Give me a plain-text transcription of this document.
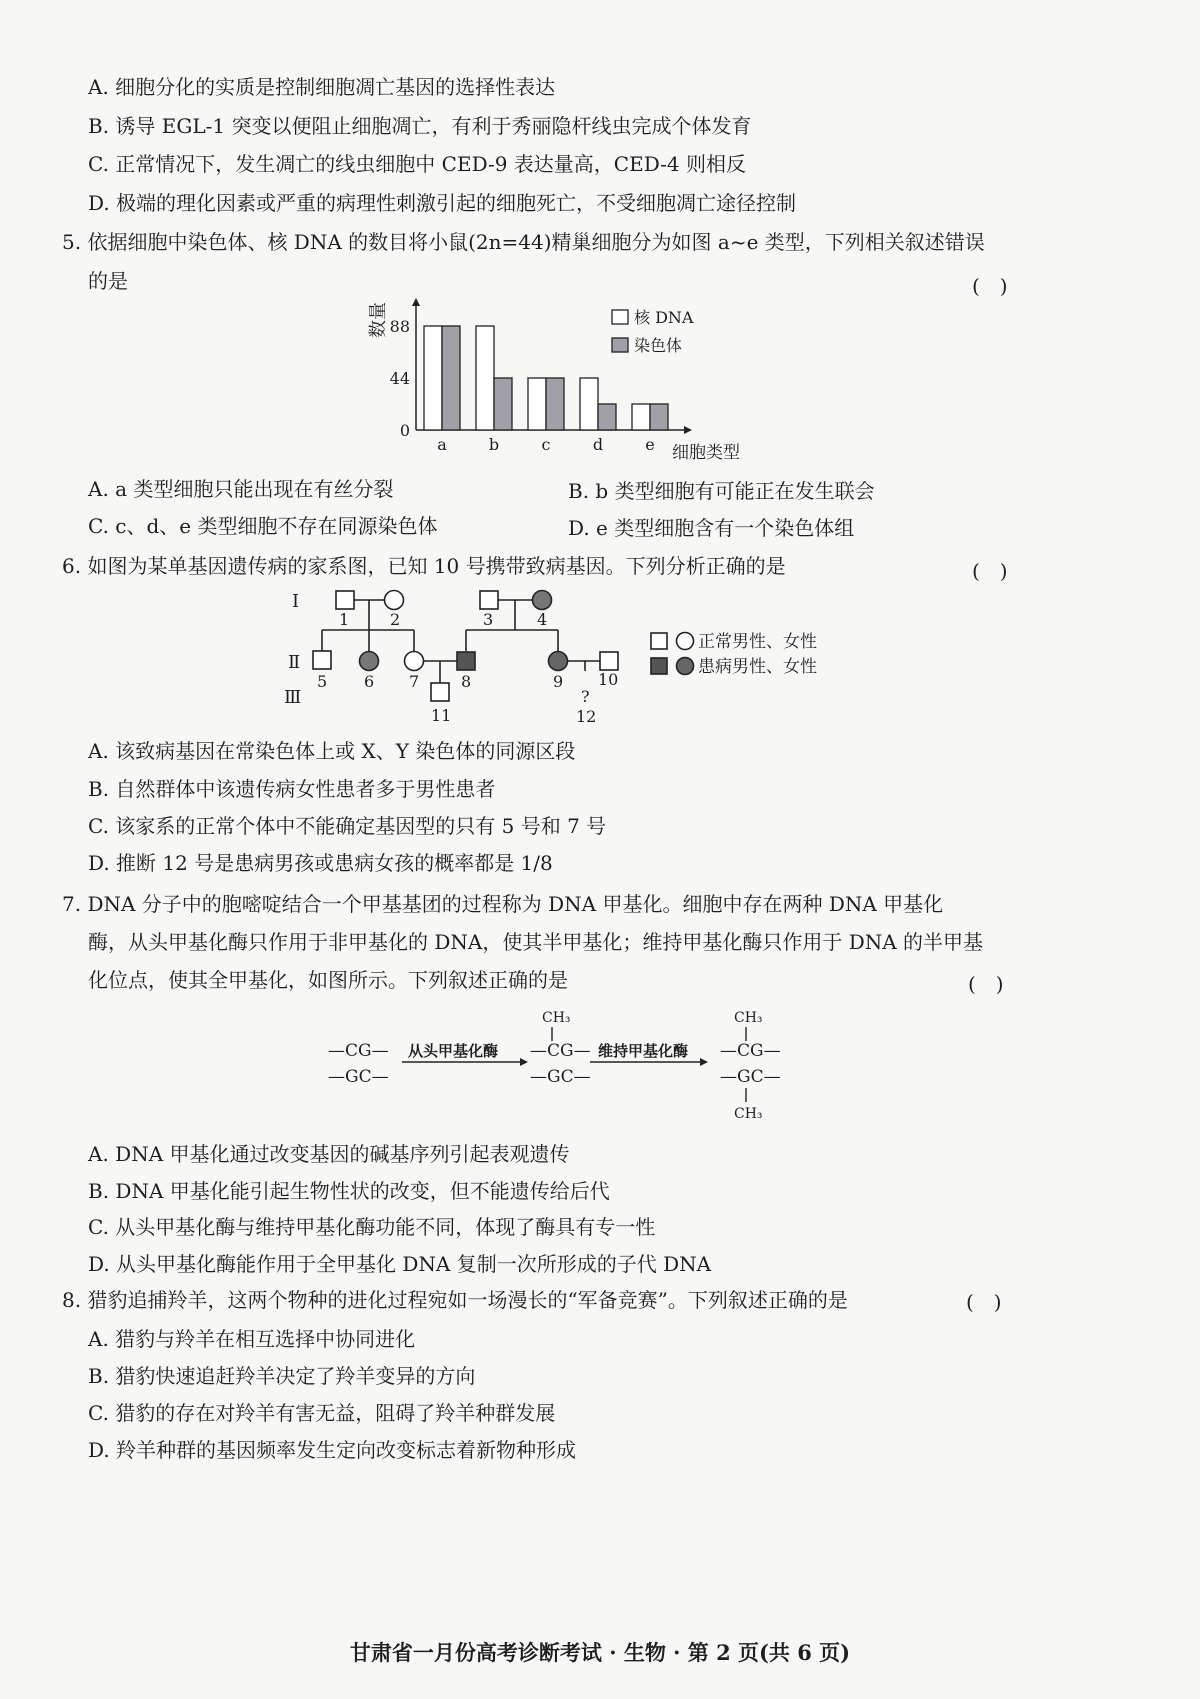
A. 细胞分化的实质是控制细胞凋亡基因的选择性表达
B. 诱导 EGL-1 突变以便阻止细胞凋亡，有利于秀丽隐杆线虫完成个体发育
C. 正常情况下，发生凋亡的线虫细胞中 CED-9 表达量高，CED-4 则相反
D. 极端的理化因素或严重的病理性刺激引起的细胞死亡，不受细胞凋亡途径控制
5. 依据细胞中染色体、核 DNA 的数目将小鼠(2n=44)精巢细胞分为如图 a~e 类型，下列相关叙述错误
的是	(　)
数量 88
44
0
a	b	c	d	e
核 DNA
染色体
细胞类型
A. a 类型细胞只能出现在有丝分裂	B. b 类型细胞有可能正在发生联会
C. c、d、e 类型细胞不存在同源染色体	D. e 类型细胞含有一个染色体组
6. 如图为某单基因遗传病的家系图，已知 10 号携带致病基因。下列分析正确的是	(　)
Ⅰ
Ⅱ
Ⅲ
1	2	3	4
5 6 7	8	9 10
11
?
12
正常男性、女性
患病男性、女性
A. 该致病基因在常染色体上或 X、Y 染色体的同源区段
B. 自然群体中该遗传病女性患者多于男性患者
C. 该家系的正常个体中不能确定基因型的只有 5 号和 7 号
D. 推断 12 号是患病男孩或患病女孩的概率都是 1/8
7. DNA 分子中的胞嘧啶结合一个甲基基团的过程称为 DNA 甲基化。细胞中存在两种 DNA 甲基化
酶，从头甲基化酶只作用于非甲基化的 DNA，使其半甲基化；维持甲基化酶只作用于 DNA 的半甲基
化位点，使其全甲基化，如图所示。下列叙述正确的是	(　)
—CG—
—GC—
从头甲基化酶
CH₃
—CG—
—GC—
维持甲基化酶
CH₃
—CG—
—GC—
CH₃
A. DNA 甲基化通过改变基因的碱基序列引起表观遗传
B. DNA 甲基化能引起生物性状的改变，但不能遗传给后代
C. 从头甲基化酶与维持甲基化酶功能不同，体现了酶具有专一性
D. 从头甲基化酶能作用于全甲基化 DNA 复制一次所形成的子代 DNA
8. 猎豹追捕羚羊，这两个物种的进化过程宛如一场漫长的“军备竞赛”。下列叙述正确的是	(　)
A. 猎豹与羚羊在相互选择中协同进化
B. 猎豹快速追赶羚羊决定了羚羊变异的方向
C. 猎豹的存在对羚羊有害无益，阻碍了羚羊种群发展
D. 羚羊种群的基因频率发生定向改变标志着新物种形成
甘肃省一月份高考诊断考试 · 生物 · 第 2 页(共 6 页)
